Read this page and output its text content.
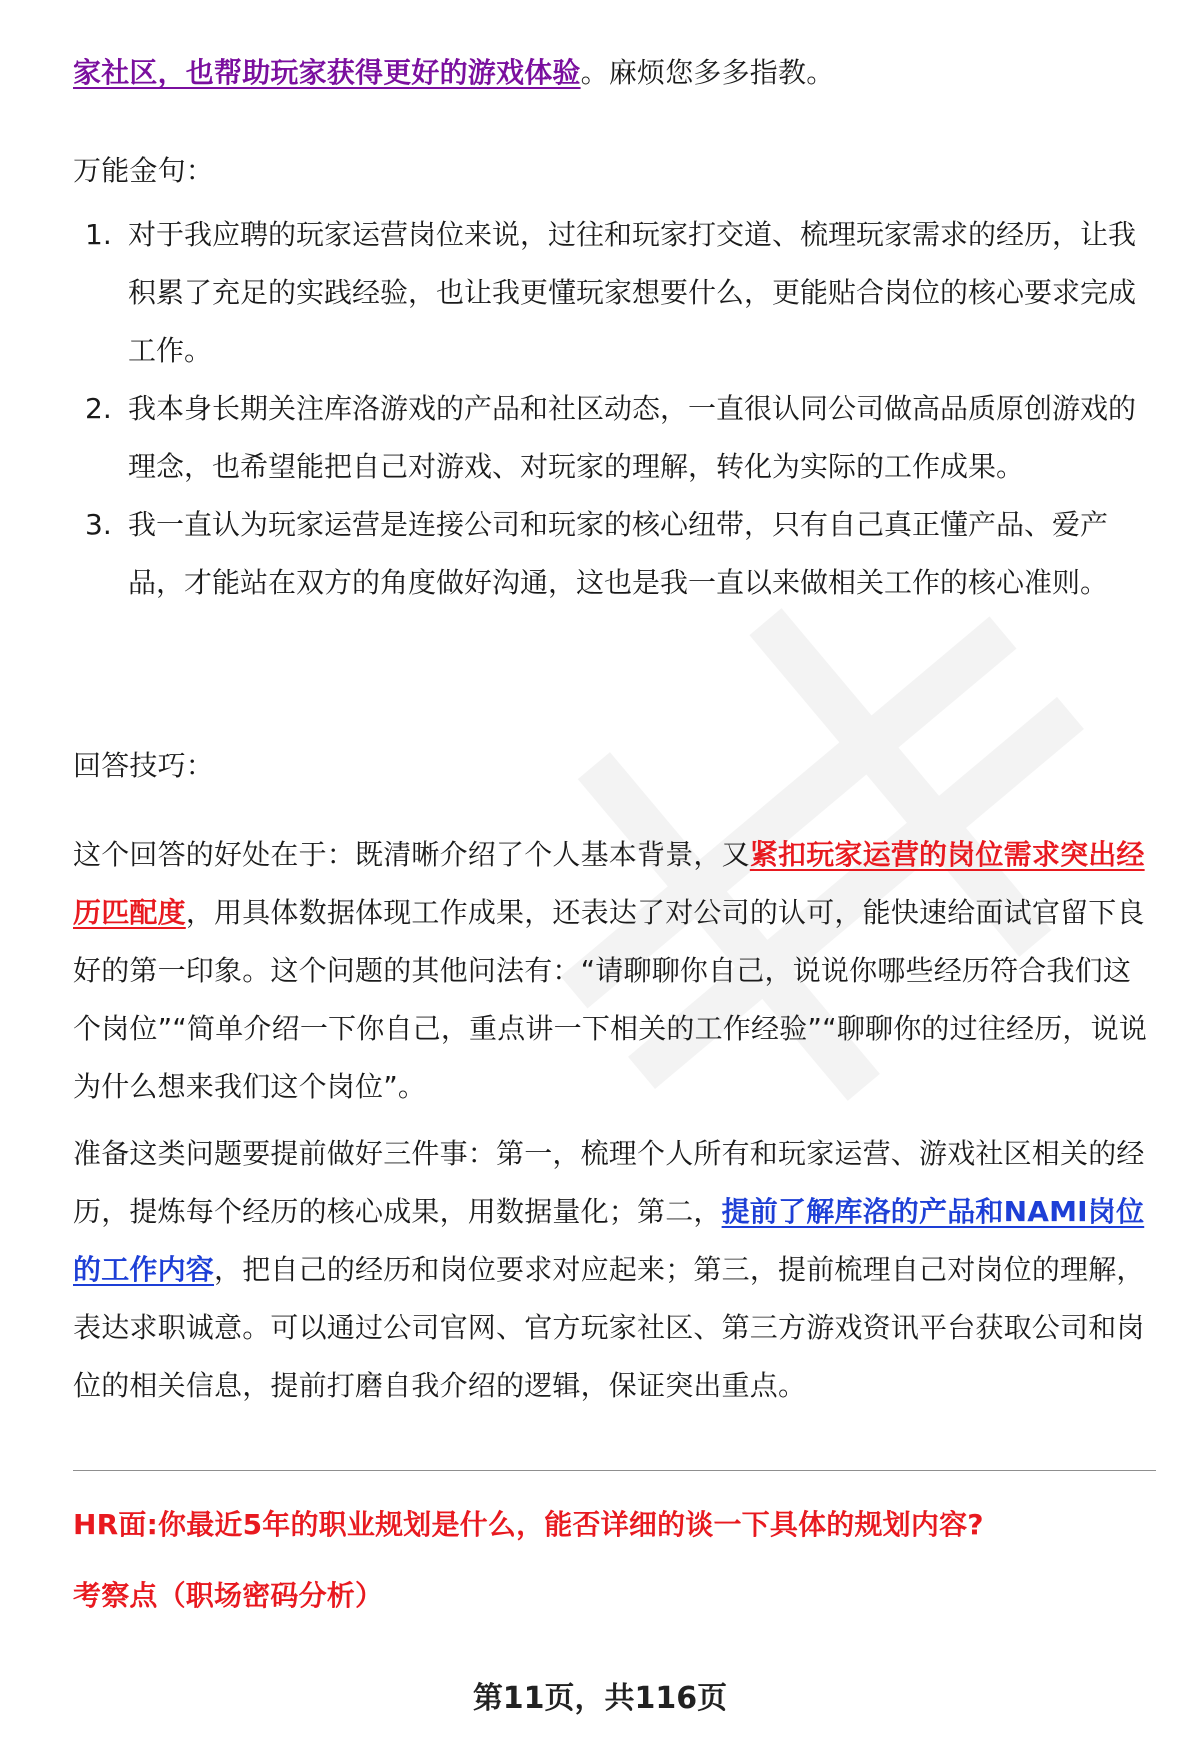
家社区，也帮助玩家获得更好的游戏体验。麻烦您多多指教。
万能金句：
1. 对于我应聘的玩家运营岗位来说，过往和玩家打交道、梳理玩家需求的经历，让我积累了充足的实践经验，也让我更懂玩家想要什么，更能贴合岗位的核心要求完成工作。
2. 我本身长期关注库洛游戏的产品和社区动态，一直很认同公司做高品质原创游戏的理念，也希望能把自己对游戏、对玩家的理解，转化为实际的工作成果。
3. 我一直认为玩家运营是连接公司和玩家的核心纽带，只有自己真正懂产品、爱产品，才能站在双方的角度做好沟通，这也是我一直以来做相关工作的核心准则。
回答技巧：
这个回答的好处在于：既清晰介绍了个人基本背景，又紧扣玩家运营的岗位需求突出经历匹配度，用具体数据体现工作成果，还表达了对公司的认可，能快速给面试官留下良好的第一印象。这个问题的其他问法有：“请聊聊你自己，说说你哪些经历符合我们这个岗位”“简单介绍一下你自己，重点讲一下相关的工作经验”“聊聊你的过往经历，说说为什么想来我们这个岗位”。
准备这类问题要提前做好三件事：第一，梳理个人所有和玩家运营、游戏社区相关的经历，提炼每个经历的核心成果，用数据量化；第二，提前了解库洛的产品和NAMI岗位的工作内容，把自己的经历和岗位要求对应起来；第三，提前梳理自己对岗位的理解，表达求职诚意。可以通过公司官网、官方玩家社区、第三方游戏资讯平台获取公司和岗位的相关信息，提前打磨自我介绍的逻辑，保证突出重点。
HR面:你最近5年的职业规划是什么，能否详细的谈一下具体的规划内容?
考察点（职场密码分析）
第11页，共116页
